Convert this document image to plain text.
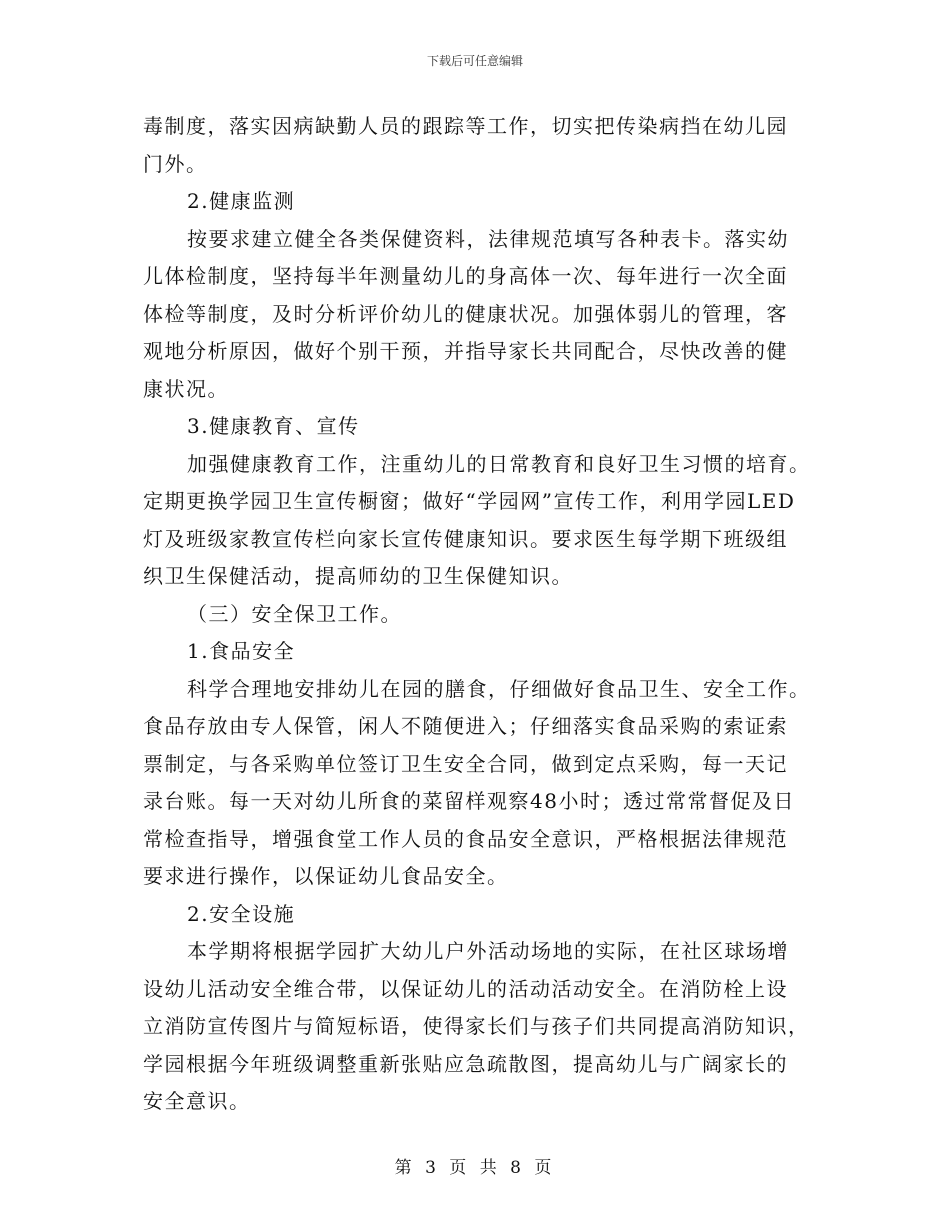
下载后可任意编辑
毒制度，落实因病缺勤人员的跟踪等工作，切实把传染病挡在幼儿园
门外。
2.健康监测
按要求建立健全各类保健资料，法律规范填写各种表卡。落实幼
儿体检制度，坚持每半年测量幼儿的身高体一次、每年进行一次全面
体检等制度，及时分析评价幼儿的健康状况。加强体弱儿的管理，客
观地分析原因，做好个别干预，并指导家长共同配合，尽快改善的健
康状况。
3.健康教育、宣传
加强健康教育工作，注重幼儿的日常教育和良好卫生习惯的培育。
定期更换学园卫生宣传橱窗；做好“学园网”宣传工作，利用学园LED
灯及班级家教宣传栏向家长宣传健康知识。要求医生每学期下班级组
织卫生保健活动，提高师幼的卫生保健知识。
（三）安全保卫工作。
1.食品安全
科学合理地安排幼儿在园的膳食，仔细做好食品卫生、安全工作。
食品存放由专人保管，闲人不随便进入；仔细落实食品采购的索证索
票制定，与各采购单位签订卫生安全合同，做到定点采购，每一天记
录台账。每一天对幼儿所食的菜留样观察48小时；透过常常督促及日
常检查指导，增强食堂工作人员的食品安全意识，严格根据法律规范
要求进行操作，以保证幼儿食品安全。
2.安全设施
本学期将根据学园扩大幼儿户外活动场地的实际，在社区球场增
设幼儿活动安全维合带，以保证幼儿的活动活动安全。在消防栓上设
立消防宣传图片与简短标语，使得家长们与孩子们共同提高消防知识，
学园根据今年班级调整重新张贴应急疏散图，提高幼儿与广阔家长的
安全意识。
第 3 页 共 8 页
